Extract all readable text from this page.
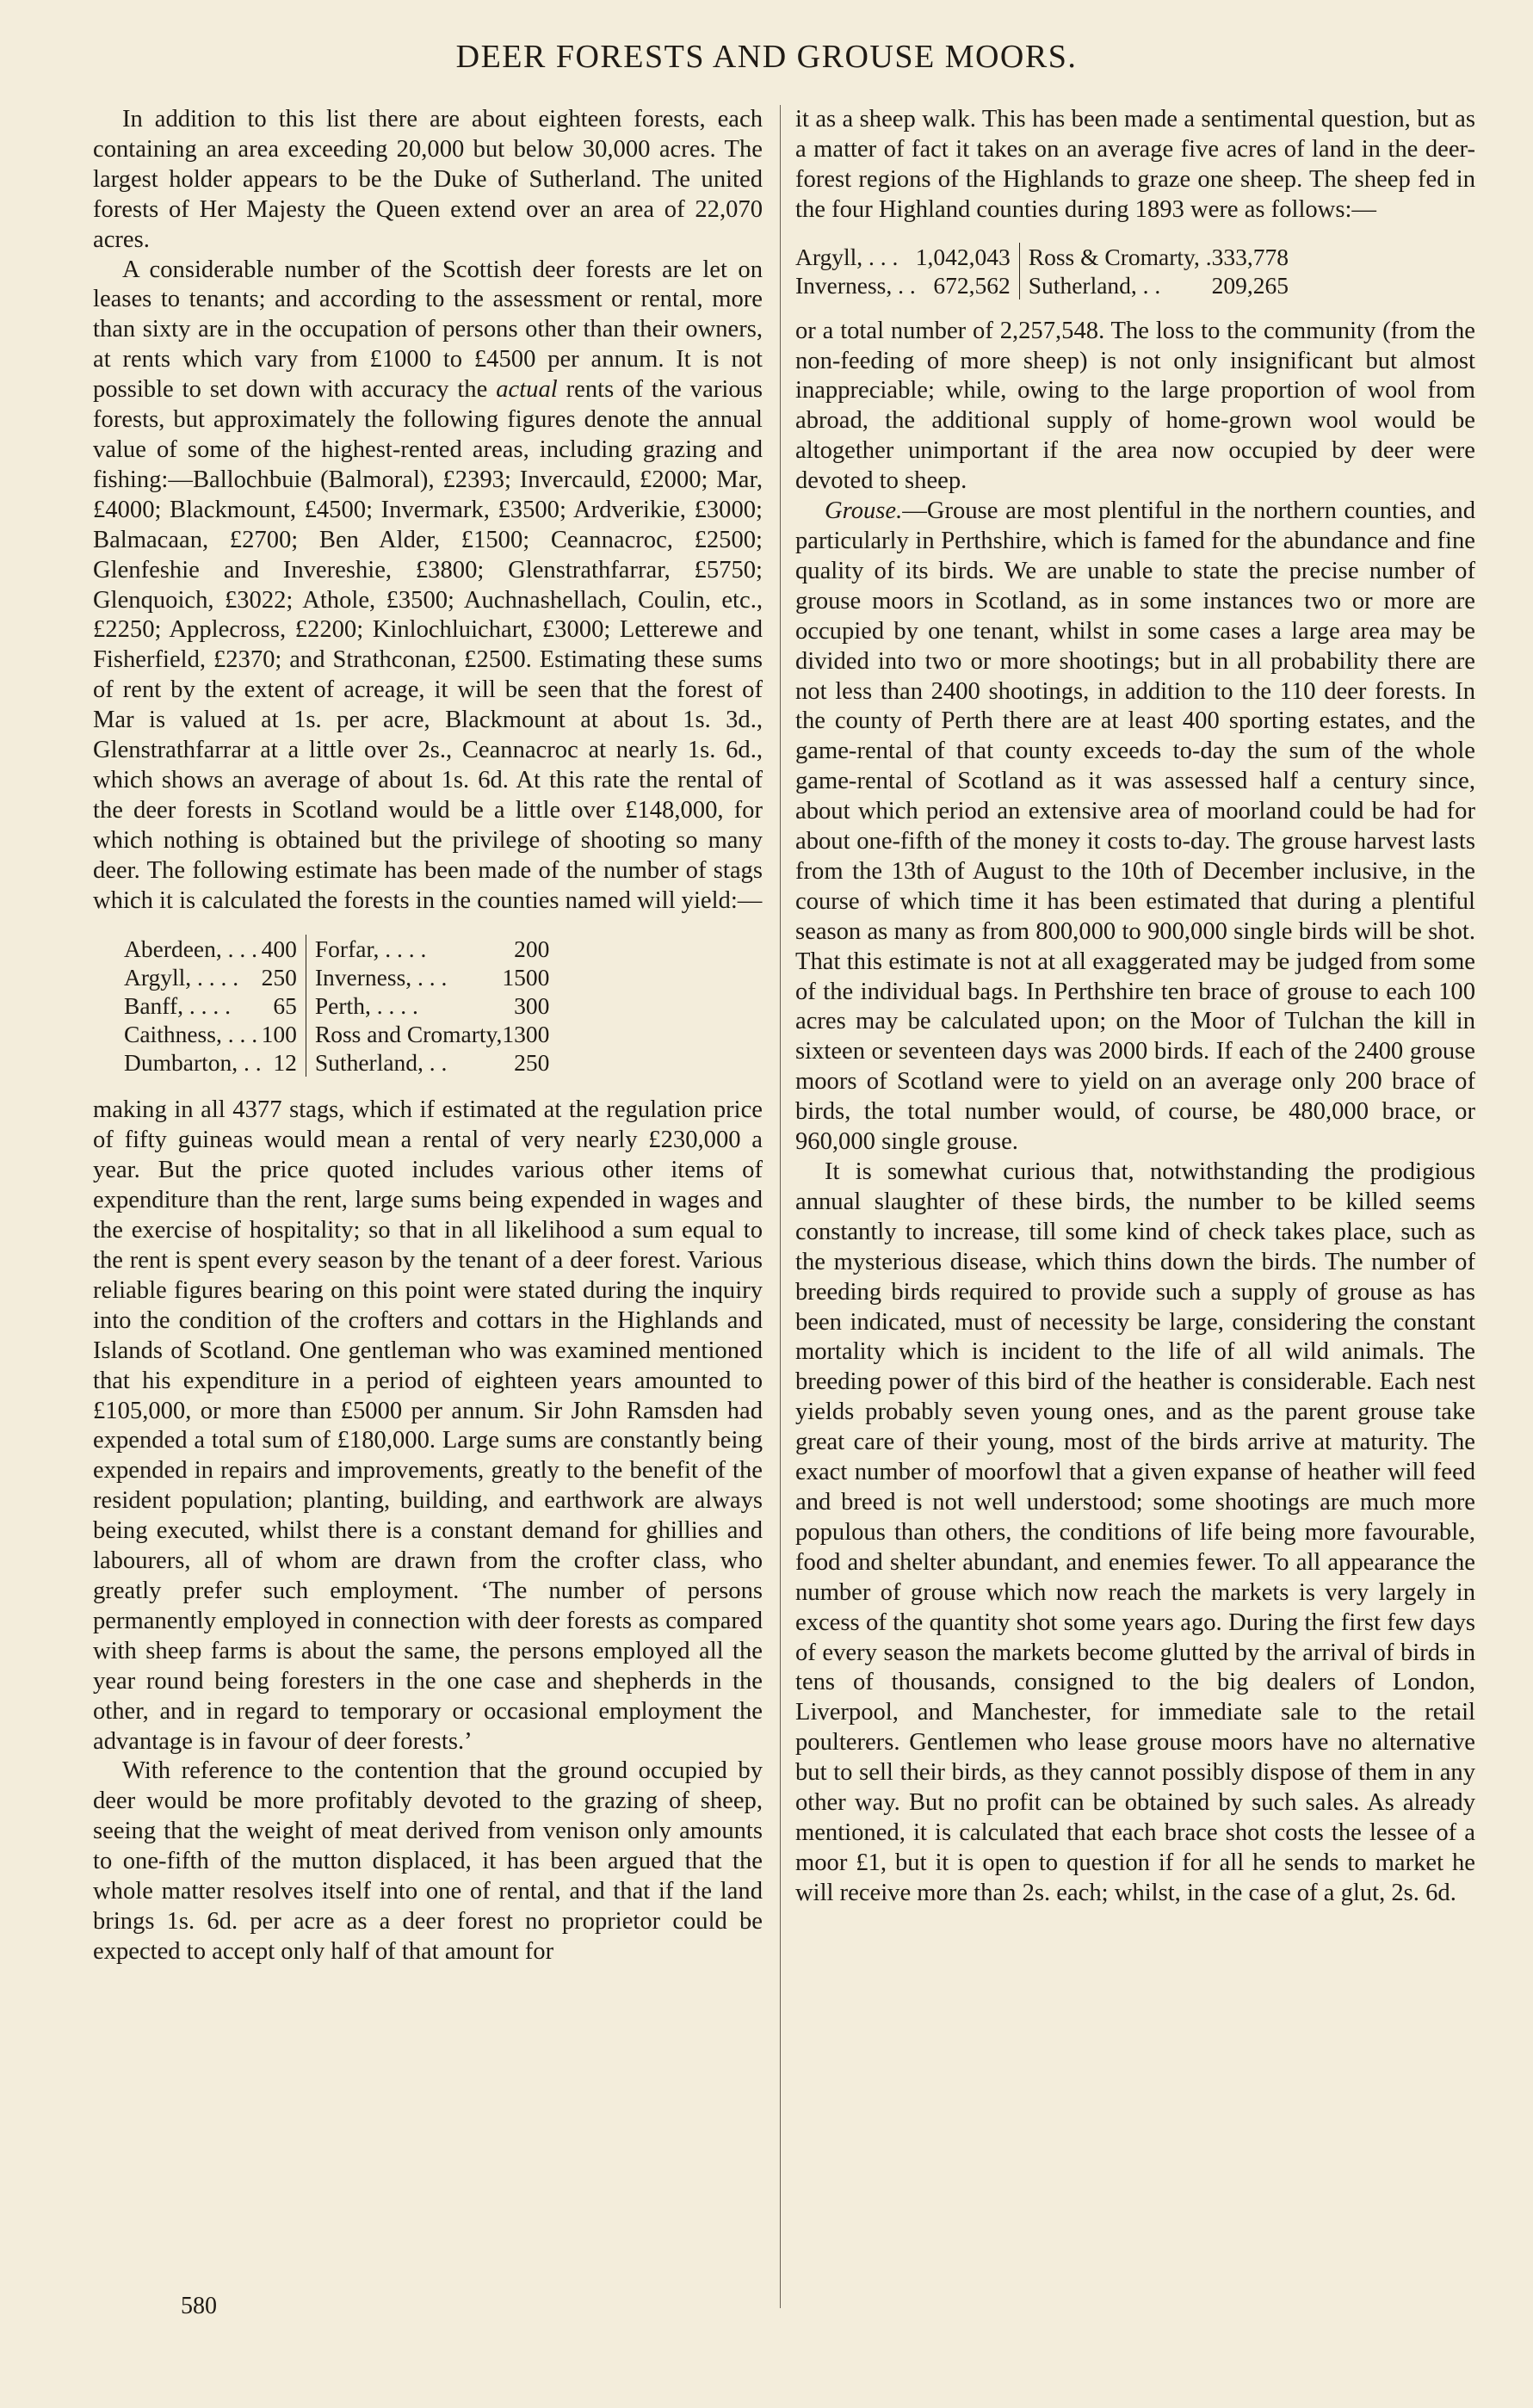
DEER FORESTS AND GROUSE MOORS.

In addition to this list there are about eighteen forests, each containing an area exceeding 20,000 but below 30,000 acres. The largest holder appears to be the Duke of Sutherland. The united forests of Her Majesty the Queen extend over an area of 22,070 acres.

A considerable number of the Scottish deer forests are let on leases to tenants; and according to the assessment or rental, more than sixty are in the occupation of persons other than their owners, at rents which vary from £1000 to £4500 per annum. It is not possible to set down with accuracy the actual rents of the various forests, but approximately the following figures denote the annual value of some of the highest-rented areas, including grazing and fishing:—Ballochbuie (Balmoral), £2393; Invercauld, £2000; Mar, £4000; Blackmount, £4500; Invermark, £3500; Ardverikie, £3000; Balmacaan, £2700; Ben Alder, £1500; Ceannacroc, £2500; Glenfeshie and Invereshie, £3800; Glenstrathfarrar, £5750; Glenquoich, £3022; Athole, £3500; Auchnashellach, Coulin, etc., £2250; Applecross, £2200; Kinlochluichart, £3000; Letterewe and Fisherfield, £2370; and Strathconan, £2500. Estimating these sums of rent by the extent of acreage, it will be seen that the forest of Mar is valued at 1s. per acre, Blackmount at about 1s. 3d., Glenstrathfarrar at a little over 2s., Ceannacroc at nearly 1s. 6d., which shows an average of about 1s. 6d. At this rate the rental of the deer forests in Scotland would be a little over £148,000, for which nothing is obtained but the privilege of shooting so many deer. The following estimate has been made of the number of stags which it is calculated the forests in the counties named will yield:—

Aberdeen, . . .	400	Forfar, . . . .	200
Argyll, . . . .	250	Inverness, . . .	1500
Banff, . . . .	65	Perth, . . . .	300
Caithness, . . .	100	Ross and Cromarty,	1300
Dumbarton, . .	12	Sutherland, . .	250

making in all 4377 stags, which if estimated at the regulation price of fifty guineas would mean a rental of very nearly £230,000 a year. But the price quoted includes various other items of expenditure than the rent, large sums being expended in wages and the exercise of hospitality; so that in all likelihood a sum equal to the rent is spent every season by the tenant of a deer forest. Various reliable figures bearing on this point were stated during the inquiry into the condition of the crofters and cottars in the Highlands and Islands of Scotland. One gentleman who was examined mentioned that his expenditure in a period of eighteen years amounted to £105,000, or more than £5000 per annum. Sir John Ramsden had expended a total sum of £180,000. Large sums are constantly being expended in repairs and improvements, greatly to the benefit of the resident population; planting, building, and earthwork are always being executed, whilst there is a constant demand for ghillies and labourers, all of whom are drawn from the crofter class, who greatly prefer such employment. ‘The number of persons permanently employed in connection with deer forests as compared with sheep farms is about the same, the persons employed all the year round being foresters in the one case and shepherds in the other, and in regard to temporary or occasional employment the advantage is in favour of deer forests.’

With reference to the contention that the ground occupied by deer would be more profitably devoted to the grazing of sheep, seeing that the weight of meat derived from venison only amounts to one-fifth of the mutton displaced, it has been argued that the whole matter resolves itself into one of rental, and that if the land brings 1s. 6d. per acre as a deer forest no proprietor could be expected to accept only half of that amount for

it as a sheep walk. This has been made a sentimental question, but as a matter of fact it takes on an average five acres of land in the deer-forest regions of the Highlands to graze one sheep. The sheep fed in the four Highland counties during 1893 were as follows:—

Argyll, . . .	1,042,043	Ross & Cromarty, .	333,778
Inverness, . .	672,562	Sutherland, . .	209,265

or a total number of 2,257,548. The loss to the community (from the non-feeding of more sheep) is not only insignificant but almost inappreciable; while, owing to the large proportion of wool from abroad, the additional supply of home-grown wool would be altogether unimportant if the area now occupied by deer were devoted to sheep.

Grouse.—Grouse are most plentiful in the northern counties, and particularly in Perthshire, which is famed for the abundance and fine quality of its birds. We are unable to state the precise number of grouse moors in Scotland, as in some instances two or more are occupied by one tenant, whilst in some cases a large area may be divided into two or more shootings; but in all probability there are not less than 2400 shootings, in addition to the 110 deer forests. In the county of Perth there are at least 400 sporting estates, and the game-rental of that county exceeds to-day the sum of the whole game-rental of Scotland as it was assessed half a century since, about which period an extensive area of moorland could be had for about one-fifth of the money it costs to-day. The grouse harvest lasts from the 13th of August to the 10th of December inclusive, in the course of which time it has been estimated that during a plentiful season as many as from 800,000 to 900,000 single birds will be shot. That this estimate is not at all exaggerated may be judged from some of the individual bags. In Perthshire ten brace of grouse to each 100 acres may be calculated upon; on the Moor of Tulchan the kill in sixteen or seventeen days was 2000 birds. If each of the 2400 grouse moors of Scotland were to yield on an average only 200 brace of birds, the total number would, of course, be 480,000 brace, or 960,000 single grouse.

It is somewhat curious that, notwithstanding the prodigious annual slaughter of these birds, the number to be killed seems constantly to increase, till some kind of check takes place, such as the mysterious disease, which thins down the birds. The number of breeding birds required to provide such a supply of grouse as has been indicated, must of necessity be large, considering the constant mortality which is incident to the life of all wild animals. The breeding power of this bird of the heather is considerable. Each nest yields probably seven young ones, and as the parent grouse take great care of their young, most of the birds arrive at maturity. The exact number of moorfowl that a given expanse of heather will feed and breed is not well understood; some shootings are much more populous than others, the conditions of life being more favourable, food and shelter abundant, and enemies fewer. To all appearance the number of grouse which now reach the markets is very largely in excess of the quantity shot some years ago. During the first few days of every season the markets become glutted by the arrival of birds in tens of thousands, consigned to the big dealers of London, Liverpool, and Manchester, for immediate sale to the retail poulterers. Gentlemen who lease grouse moors have no alternative but to sell their birds, as they cannot possibly dispose of them in any other way. But no profit can be obtained by such sales. As already mentioned, it is calculated that each brace shot costs the lessee of a moor £1, but it is open to question if for all he sends to market he will receive more than 2s. each; whilst, in the case of a glut, 2s. 6d.

580
